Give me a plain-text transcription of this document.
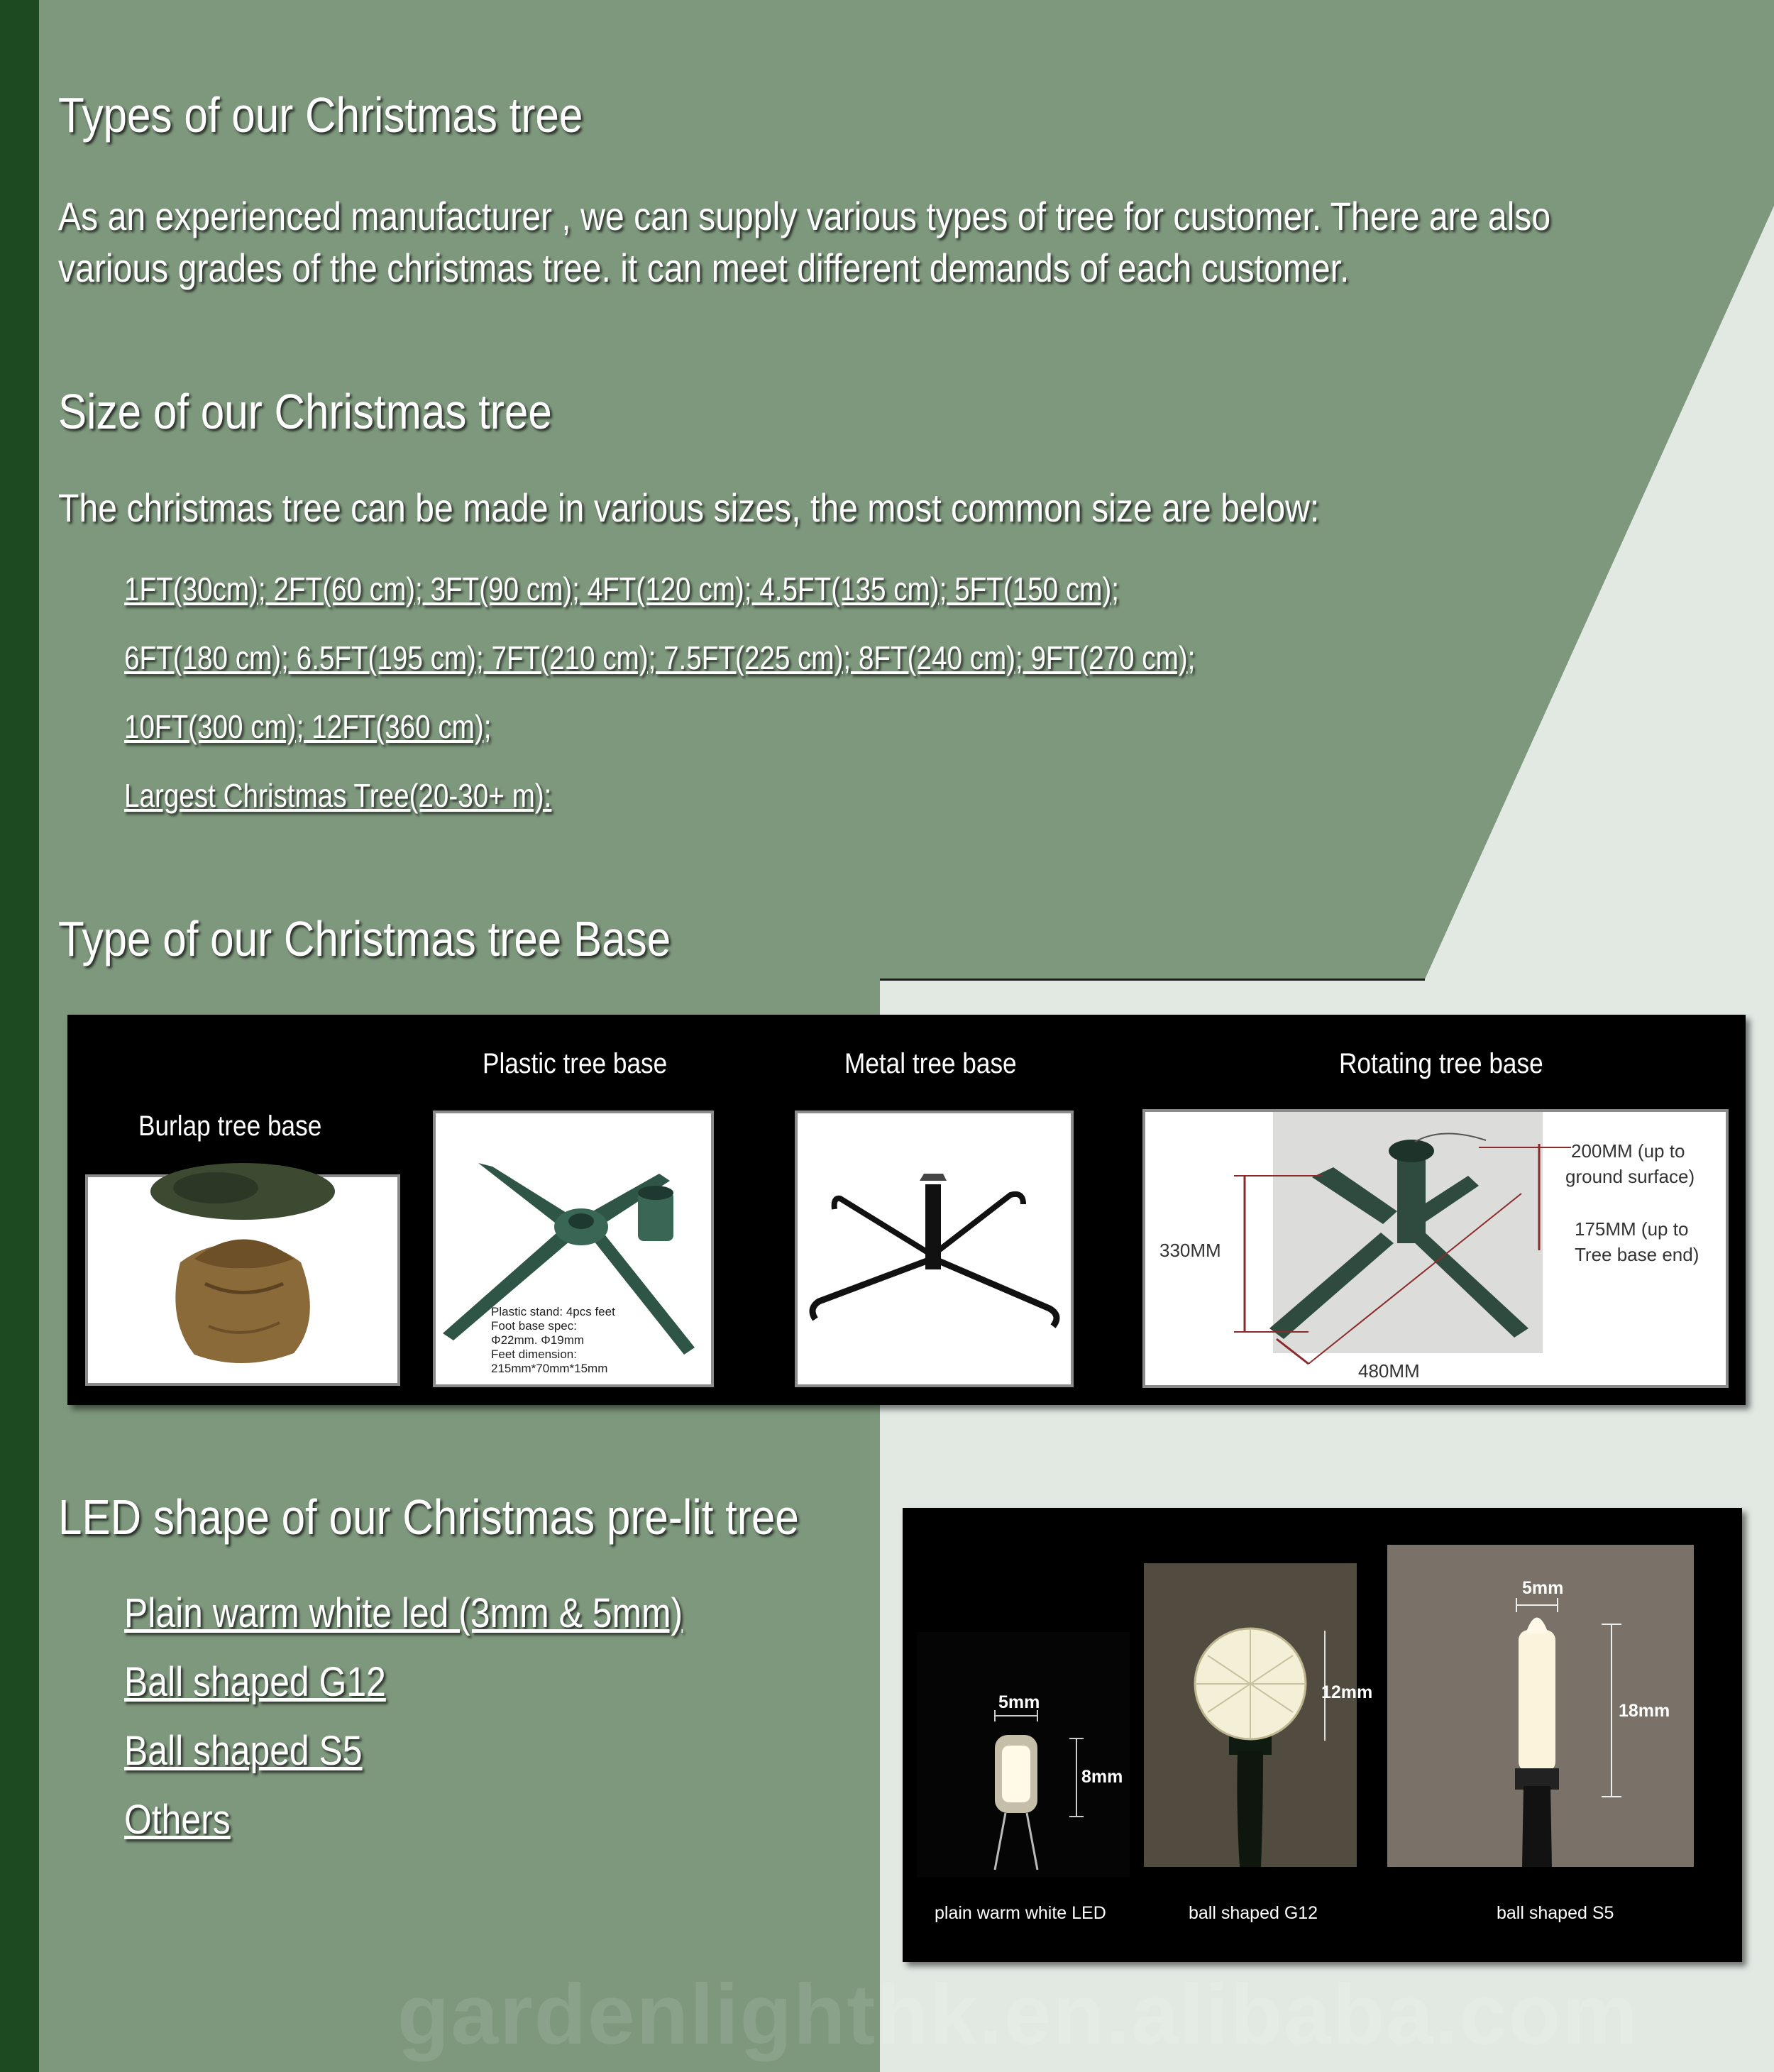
Types of our Christmas tree
As an experienced manufacturer , we can supply various types of tree for customer. There are also
various grades of the christmas tree. it can meet different demands of each customer.
Size of our Christmas tree
The christmas tree can be made in various sizes, the most common size are below:
1FT(30cm); 2FT(60 cm); 3FT(90 cm); 4FT(120 cm); 4.5FT(135 cm); 5FT(150 cm);
6FT(180 cm); 6.5FT(195 cm); 7FT(210 cm); 7.5FT(225 cm); 8FT(240 cm); 9FT(270 cm);
10FT(300 cm); 12FT(360 cm);
Largest Christmas Tree(20-30+ m):
Type of our Christmas tree Base
Burlap tree base
Plastic tree base	Metal tree base	Rotating tree base
Plastic stand: 4pcs feet
Foot base spec:
Φ22mm. Φ19mm
Feet dimension:
215mm*70mm*15mm
330MM
480MM
200MM (up to
ground surface)
175MM (up to
Tree base end)
LED shape of our Christmas pre-lit tree
Plain warm white led (3mm & 5mm)
Ball shaped G12
Ball shaped S5
Others
5mm
8mm
12mm
5mm
18mm
plain warm white LED	ball shaped G12	ball shaped S5
gardenlighthk.en.alibaba.com
